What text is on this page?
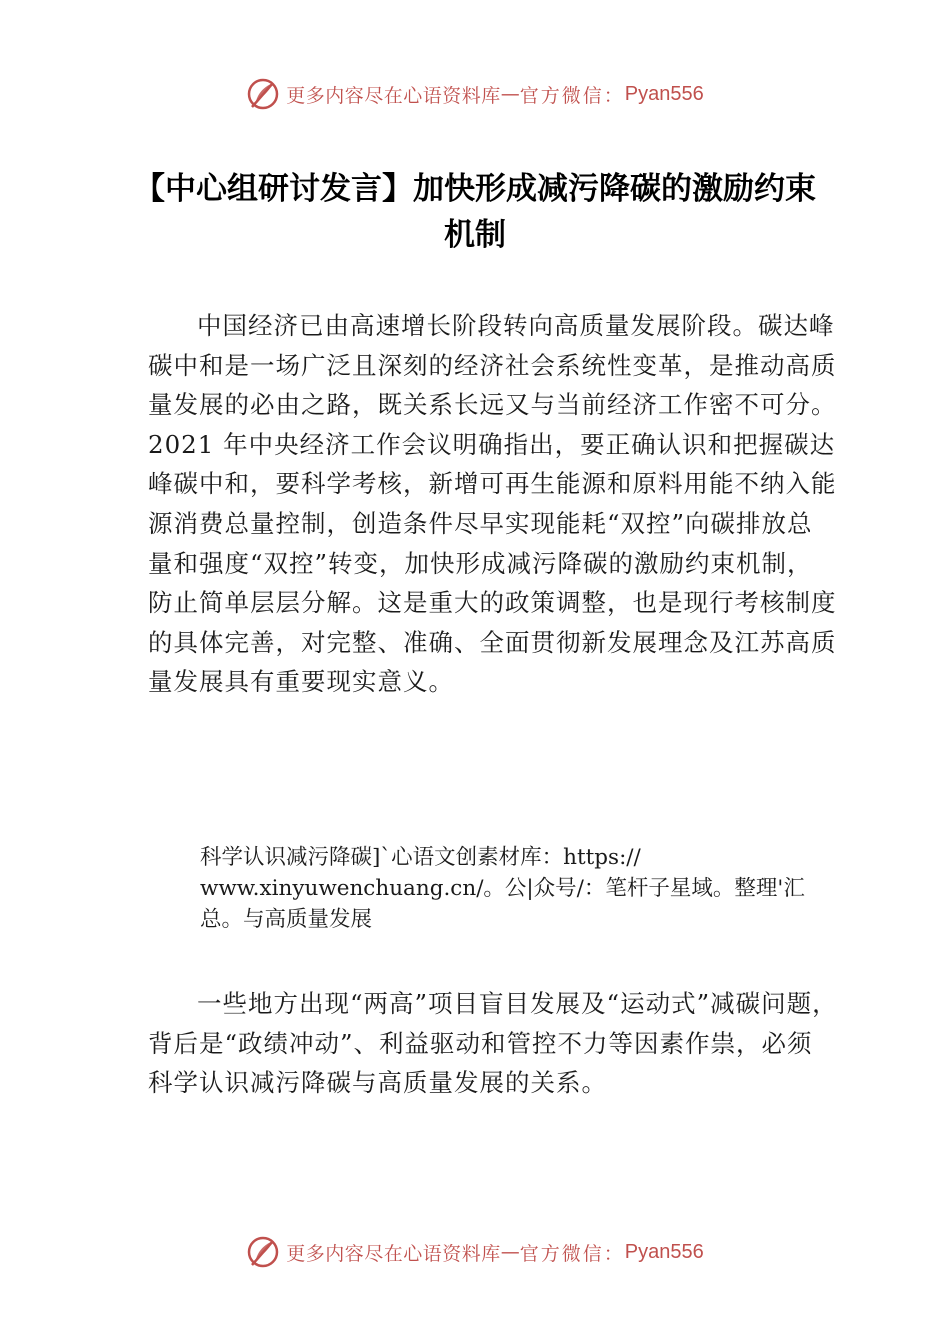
更多内容尽在心语资料库 — 官方微信： Pyan556
【中心组研讨发言】加快形成减污降碳的激励约束机制

中国经济已由高速增长阶段转向高质量发展阶段。碳达峰碳中和是一场广泛且深刻的经济社会系统性变革，是推动高质量发展的必由之路，既关系长远又与当前经济工作密不可分。2021 年中央经济工作会议明确指出，要正确认识和把握碳达峰碳中和，要科学考核，新增可再生能源和原料用能不纳入能源消费总量控制，创造条件尽早实现能耗“双控”向碳排放总量和强度“双控”转变，加快形成减污降碳的激励约束机制，防止简单层层分解。这是重大的政策调整，也是现行考核制度的具体完善，对完整、准确、全面贯彻新发展理念及江苏高质量发展具有重要现实意义。

科学认识减污降碳]`心语文创素材库：https:// www.xinyuwenchuang.cn/。公|众号/：笔杆子星域。整理'汇总。与高质量发展

一些地方出现“两高”项目盲目发展及“运动式”减碳问题，背后是“政绩冲动”、利益驱动和管控不力等因素作祟，必须科学认识减污降碳与高质量发展的关系。

更多内容尽在心语资料库 — 官方微信： Pyan556
